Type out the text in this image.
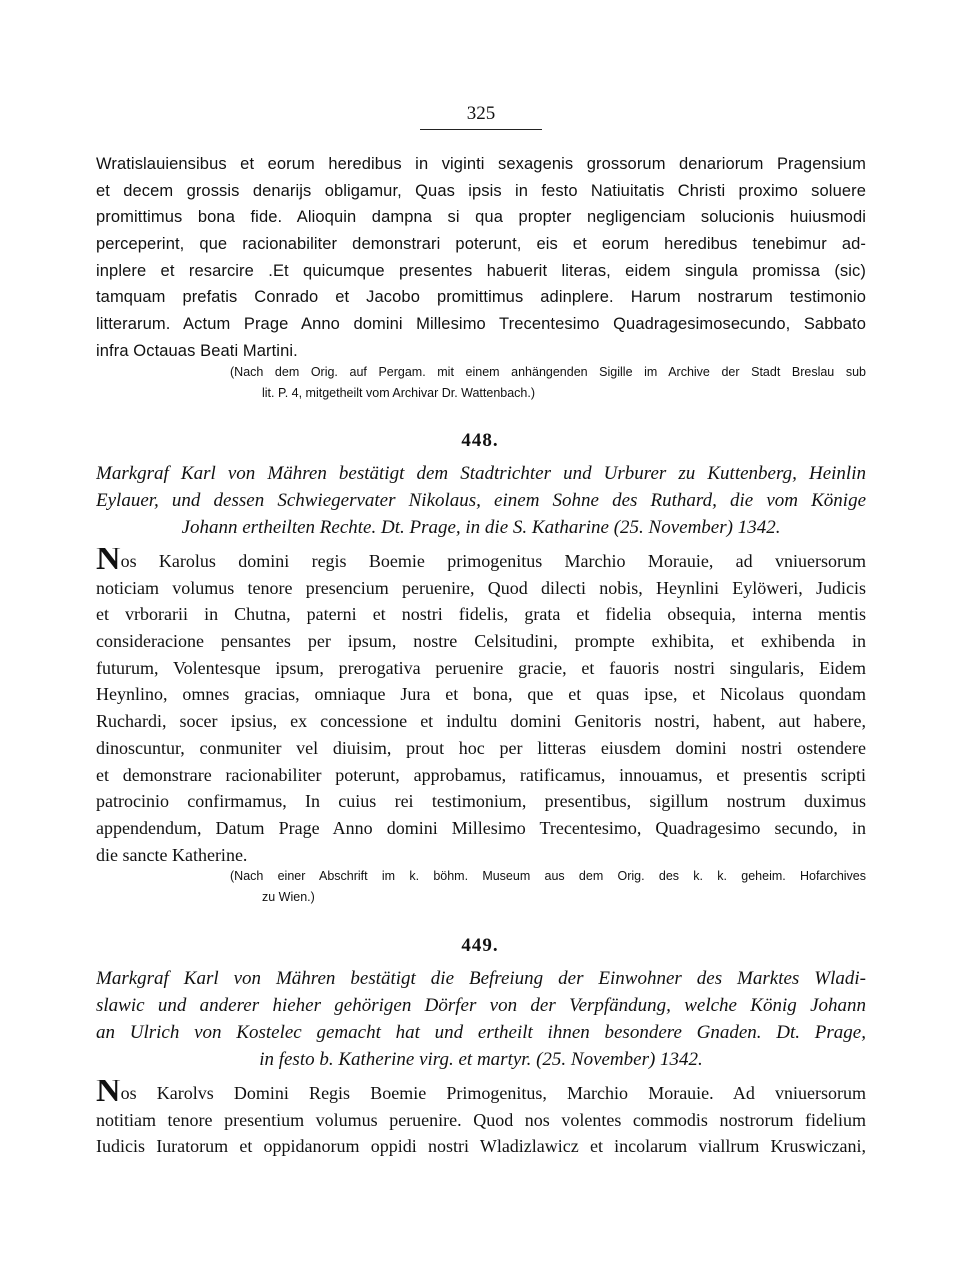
325
Wratislauiensibus et eorum heredibus in viginti sexagenis grossorum denariorum Pragensium
et decem grossis denarijs obligamur, Quas ipsis in festo Natiuitatis Christi proximo soluere
promittimus bona fide. Alioquin dampna si qua propter negligenciam solucionis huiusmodi
perceperint, que racionabiliter demonstrari poterunt, eis et eorum heredibus tenebimur ad-
inplere et resarcire .Et quicumque presentes habuerit literas, eidem singula promissa (sic)
tamquam prefatis Conrado et Jacobo promittimus adinplere. Harum nostrarum testimonio
litterarum. Actum Prage Anno domini Millesimo Trecentesimo Quadragesimosecundo, Sabbato
infra Octauas Beati Martini.
(Nach dem Orig. auf Pergam. mit einem anhängenden Sigille im Archive der Stadt Breslau sub
lit. P. 4, mitgetheilt vom Archivar Dr. Wattenbach.)
448.
Markgraf Karl von Mähren bestätigt dem Stadtrichter und Urburer zu Kuttenberg, Heinlin
Eylauer, und dessen Schwiegervater Nikolaus, einem Sohne des Ruthard, die vom Könige
Johann ertheilten Rechte. Dt. Prage, in die S. Katharine (25. November) 1342.
Nos Karolus domini regis Boemie primogenitus Marchio Morauie, ad vniuersorum
noticiam volumus tenore presencium peruenire, Quod dilecti nobis, Heynlini Eylöweri, Judicis
et vrborarii in Chutna, paterni et nostri fidelis, grata et fidelia obsequia, interna mentis
consideracione pensantes per ipsum, nostre Celsitudini, prompte exhibita, et exhibenda in
futurum, Volentesque ipsum, prerogativa peruenire gracie, et fauoris nostri singularis, Eidem
Heynlino, omnes gracias, omniaque Jura et bona, que et quas ipse, et Nicolaus quondam
Ruchardi, socer ipsius, ex concessione et indultu domini Genitoris nostri, habent, aut habere,
dinoscuntur, conmuniter vel diuisim, prout hoc per litteras eiusdem domini nostri ostendere
et demonstrare racionabiliter poterunt, approbamus, ratificamus, innouamus, et presentis scripti
patrocinio confirmamus, In cuius rei testimonium, presentibus, sigillum nostrum duximus
appendendum, Datum Prage Anno domini Millesimo Trecentesimo, Quadragesimo secundo, in
die sancte Katherine.
(Nach einer Abschrift im k. böhm. Museum aus dem Orig. des k. k. geheim. Hofarchives
zu Wien.)
449.
Markgraf Karl von Mähren bestätigt die Befreiung der Einwohner des Marktes Wladi-
slawic und anderer hieher gehörigen Dörfer von der Verpfändung, welche König Johann
an Ulrich von Kostelec gemacht hat und ertheilt ihnen besondere Gnaden. Dt. Prage,
in festo b. Katherine virg. et martyr. (25. November) 1342.
Nos Karolvs Domini Regis Boemie Primogenitus, Marchio Morauie. Ad vniuersorum
notitiam tenore presentium volumus peruenire. Quod nos volentes commodis nostrorum fidelium
Iudicis Iuratorum et oppidanorum oppidi nostri Wladizlawicz et incolarum viallrum Kruswiczani,
